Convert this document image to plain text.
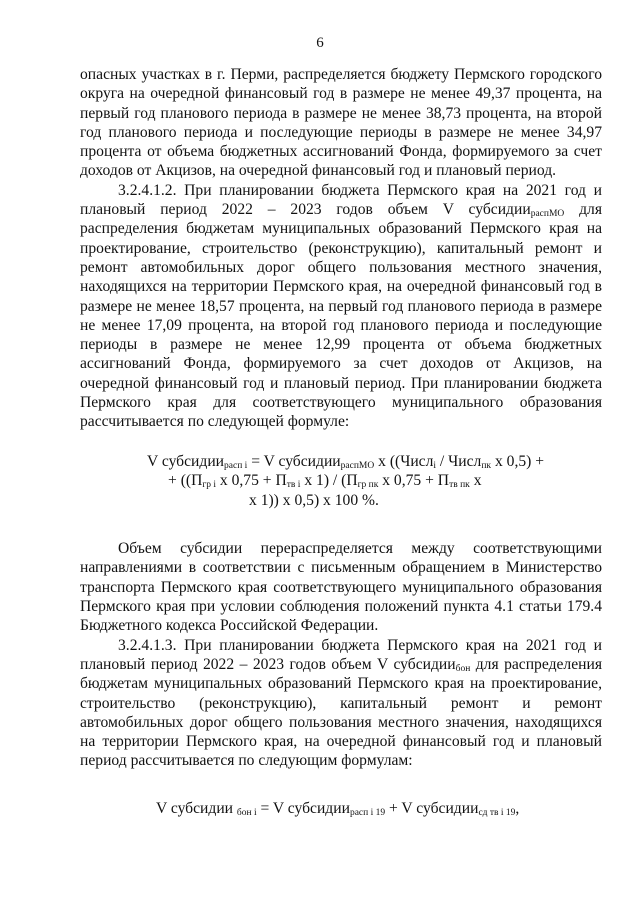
6

опасных участках в г. Перми, распределяется бюджету Пермского городского округа на очередной финансовый год в размере не менее 49,37 процента, на первый год планового периода в размере не менее 38,73 процента, на второй год планового периода и последующие периоды в размере не менее 34,97 процента от объема бюджетных ассигнований Фонда, формируемого за счет доходов от Акцизов, на очередной финансовый год и плановый период.

3.2.4.1.2. При планировании бюджета Пермского края на 2021 год и плановый период 2022 – 2023 годов объем V субсидии$_{распМО}$ для распределения бюджетам муниципальных образований Пермского края на проектирование, строительство (реконструкцию), капитальный ремонт и ремонт автомобильных дорог общего пользования местного значения, находящихся на территории Пермского края, на очередной финансовый год в размере не менее 18,57 процента, на первый год планового периода в размере не менее 17,09 процента, на второй год планового периода и последующие периоды в размере не менее 12,99 процента от объема бюджетных ассигнований Фонда, формируемого за счет доходов от Акцизов, на очередной финансовый год и плановый период. При планировании бюджета Пермского края для соответствующего муниципального образования рассчитывается по следующей формуле:

V субсидии$_{расп i}$ = V субсидии$_{распМО}$ х ((Числ$_i$ / Числ$_{пк}$ х 0,5) +
+ (($П_{гр i}$ х $0,75 + П_{тв i}$ х $1) / (П_{гр пк}$ х $0,75 + П_{тв пк}$ х
х 1)) х 0,5) х 100 %.

Объем субсидии перераспределяется между соответствующими направлениями в соответствии с письменным обращением в Министерство транспорта Пермского края соответствующего муниципального образования Пермского края при условии соблюдения положений пункта 4.1 статьи 179.4 Бюджетного кодекса Российской Федерации.

3.2.4.1.3. При планировании бюджета Пермского края на 2021 год и плановый период 2022 – 2023 годов объем V субсидии$_{бон}$ для распределения бюджетам муниципальных образований Пермского края на проектирование, строительство (реконструкцию), капитальный ремонт и ремонт автомобильных дорог общего пользования местного значения, находящихся на территории Пермского края, на очередной финансовый год и плановый период рассчитывается по следующим формулам:

V субсидии $_{бон i}$ = V субсидии$_{расп i 19}$ + V субсидии$_{сд тв i 19}$,
